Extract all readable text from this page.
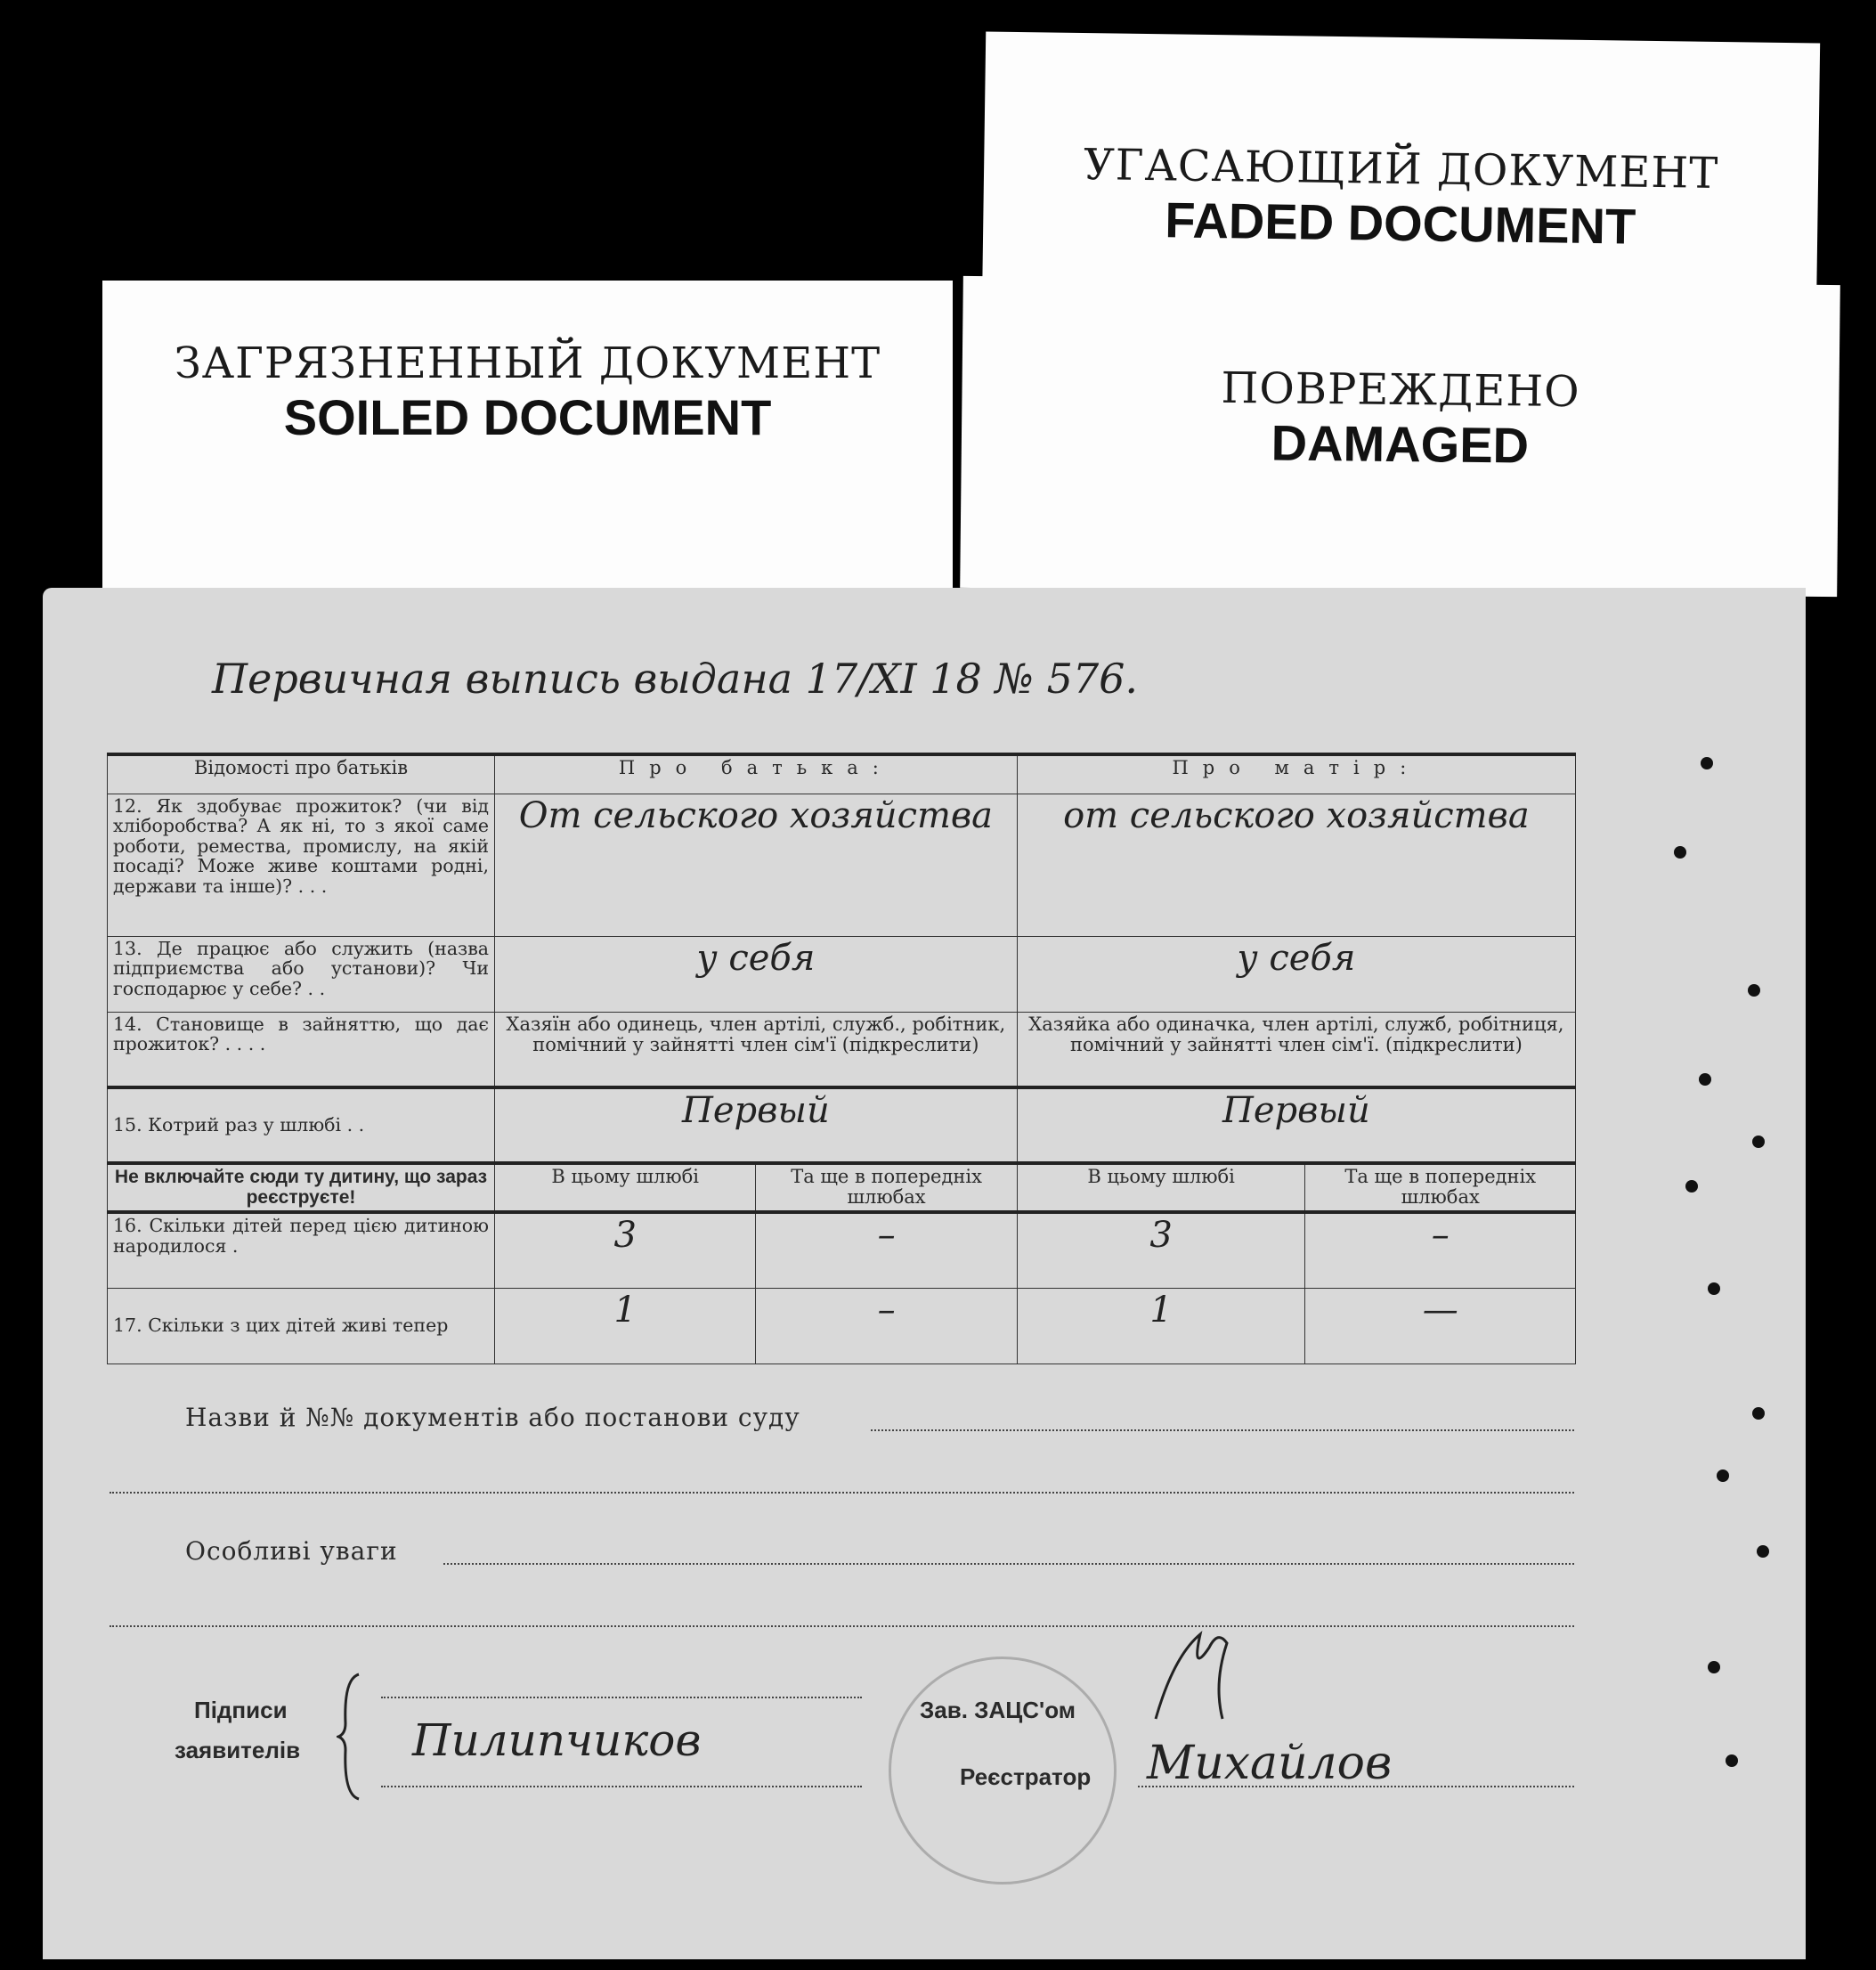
УГАСАЮЩИЙ ДОКУМЕНТ
FADED DOCUMENT
ЗАГРЯЗНЕННЫЙ ДОКУМЕНТ
SOILED DOCUMENT	ПОВРЕЖДЕНО
DAMAGED
Первичная выпись выдана 17/XI 18 № 576.
Відомості про батьків	Про батька:		Про матір:	
12. Як здобуває прожиток? (чи від хліборобства? А як ні, то з якої саме роботи, ремества, промислу, на якій посаді? Може живе коштами родні, держави та інше)? . . .	От сельского хозяйства		от сельского хозяйства	
13. Де працює або служить (назва підприємства або установи)? Чи господарює у себе? . .	у себя		у себя	
14. Становище в зайняттю, що дає прожиток? . . . .	Хазяїн або одинець, член артілі, служб., робітник, помічний у зайнятті член сім'ї (підкреслити)		Хазяйка або одиначка, член артілі, служб, робітниця, помічний у зайнятті член сім'ї. (підкреслити)	
15. Котрий раз у шлюбі . .	Первый		Первый	
Не включайте сюди ту дитину, що зараз реєструєте!	В цьому шлюбі	Та ще в попередніх шлюбах	В цьому шлюбі	Та ще в попередніх шлюбах
16. Скільки дітей перед цією дитиною народилося .	3	–	3	–
17. Скільки з цих дітей живі тепер	1	–	1	—
Назви й №№ документів або постанови суду
Особливі уваги
Підписи
заявителів	Пилипчиков
Зав. ЗАЦС'ом
Реєстратор Михайлов
